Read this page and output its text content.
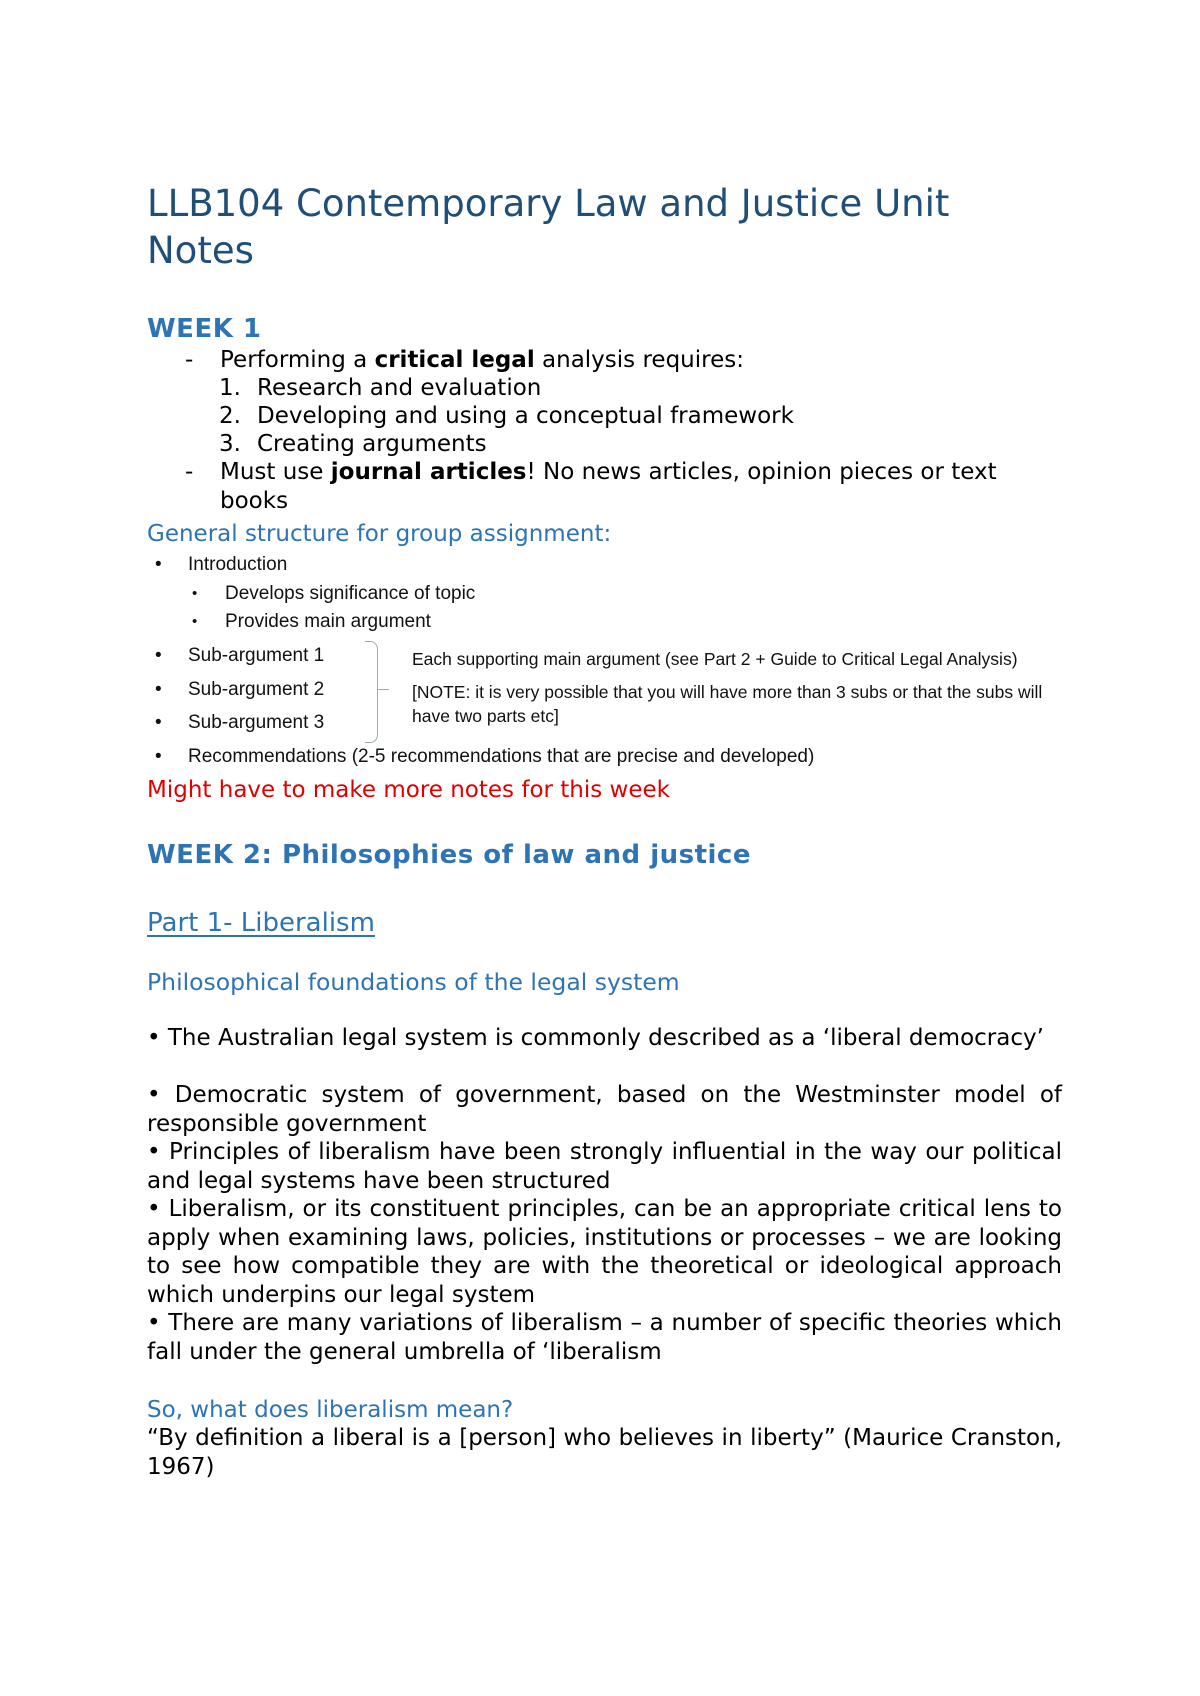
LLB104 Contemporary Law and Justice Unit Notes
WEEK 1
- Performing a critical legal analysis requires:
1. Research and evaluation
2. Developing and using a conceptual framework
3. Creating arguments
- Must use journal articles! No news articles, opinion pieces or text books
General structure for group assignment:
• Introduction
• Develops significance of topic
• Provides main argument
• Sub-argument 1
• Sub-argument 2
• Sub-argument 3
Each supporting main argument (see Part 2 + Guide to Critical Legal Analysis)
[NOTE: it is very possible that you will have more than 3 subs or that the subs will
have two parts etc]
• Recommendations (2-5 recommendations that are precise and developed)
Might have to make more notes for this week
WEEK 2: Philosophies of law and justice
Part 1- Liberalism
Philosophical foundations of the legal system

• The Australian legal system is commonly described as a ‘liberal democracy’

• Democratic system of government, based on the Westminster model of responsible government

• Principles of liberalism have been strongly influential in the way our political and legal systems have been structured

• Liberalism, or its constituent principles, can be an appropriate critical lens to apply when examining laws, policies, institutions or processes – we are looking to see how compatible they are with the theoretical or ideological approach which underpins our legal system

• There are many variations of liberalism – a number of specific theories which fall under the general umbrella of ‘liberalism

So, what does liberalism mean?

“By definition a liberal is a [person] who believes in liberty” (Maurice Cranston, 1967)
